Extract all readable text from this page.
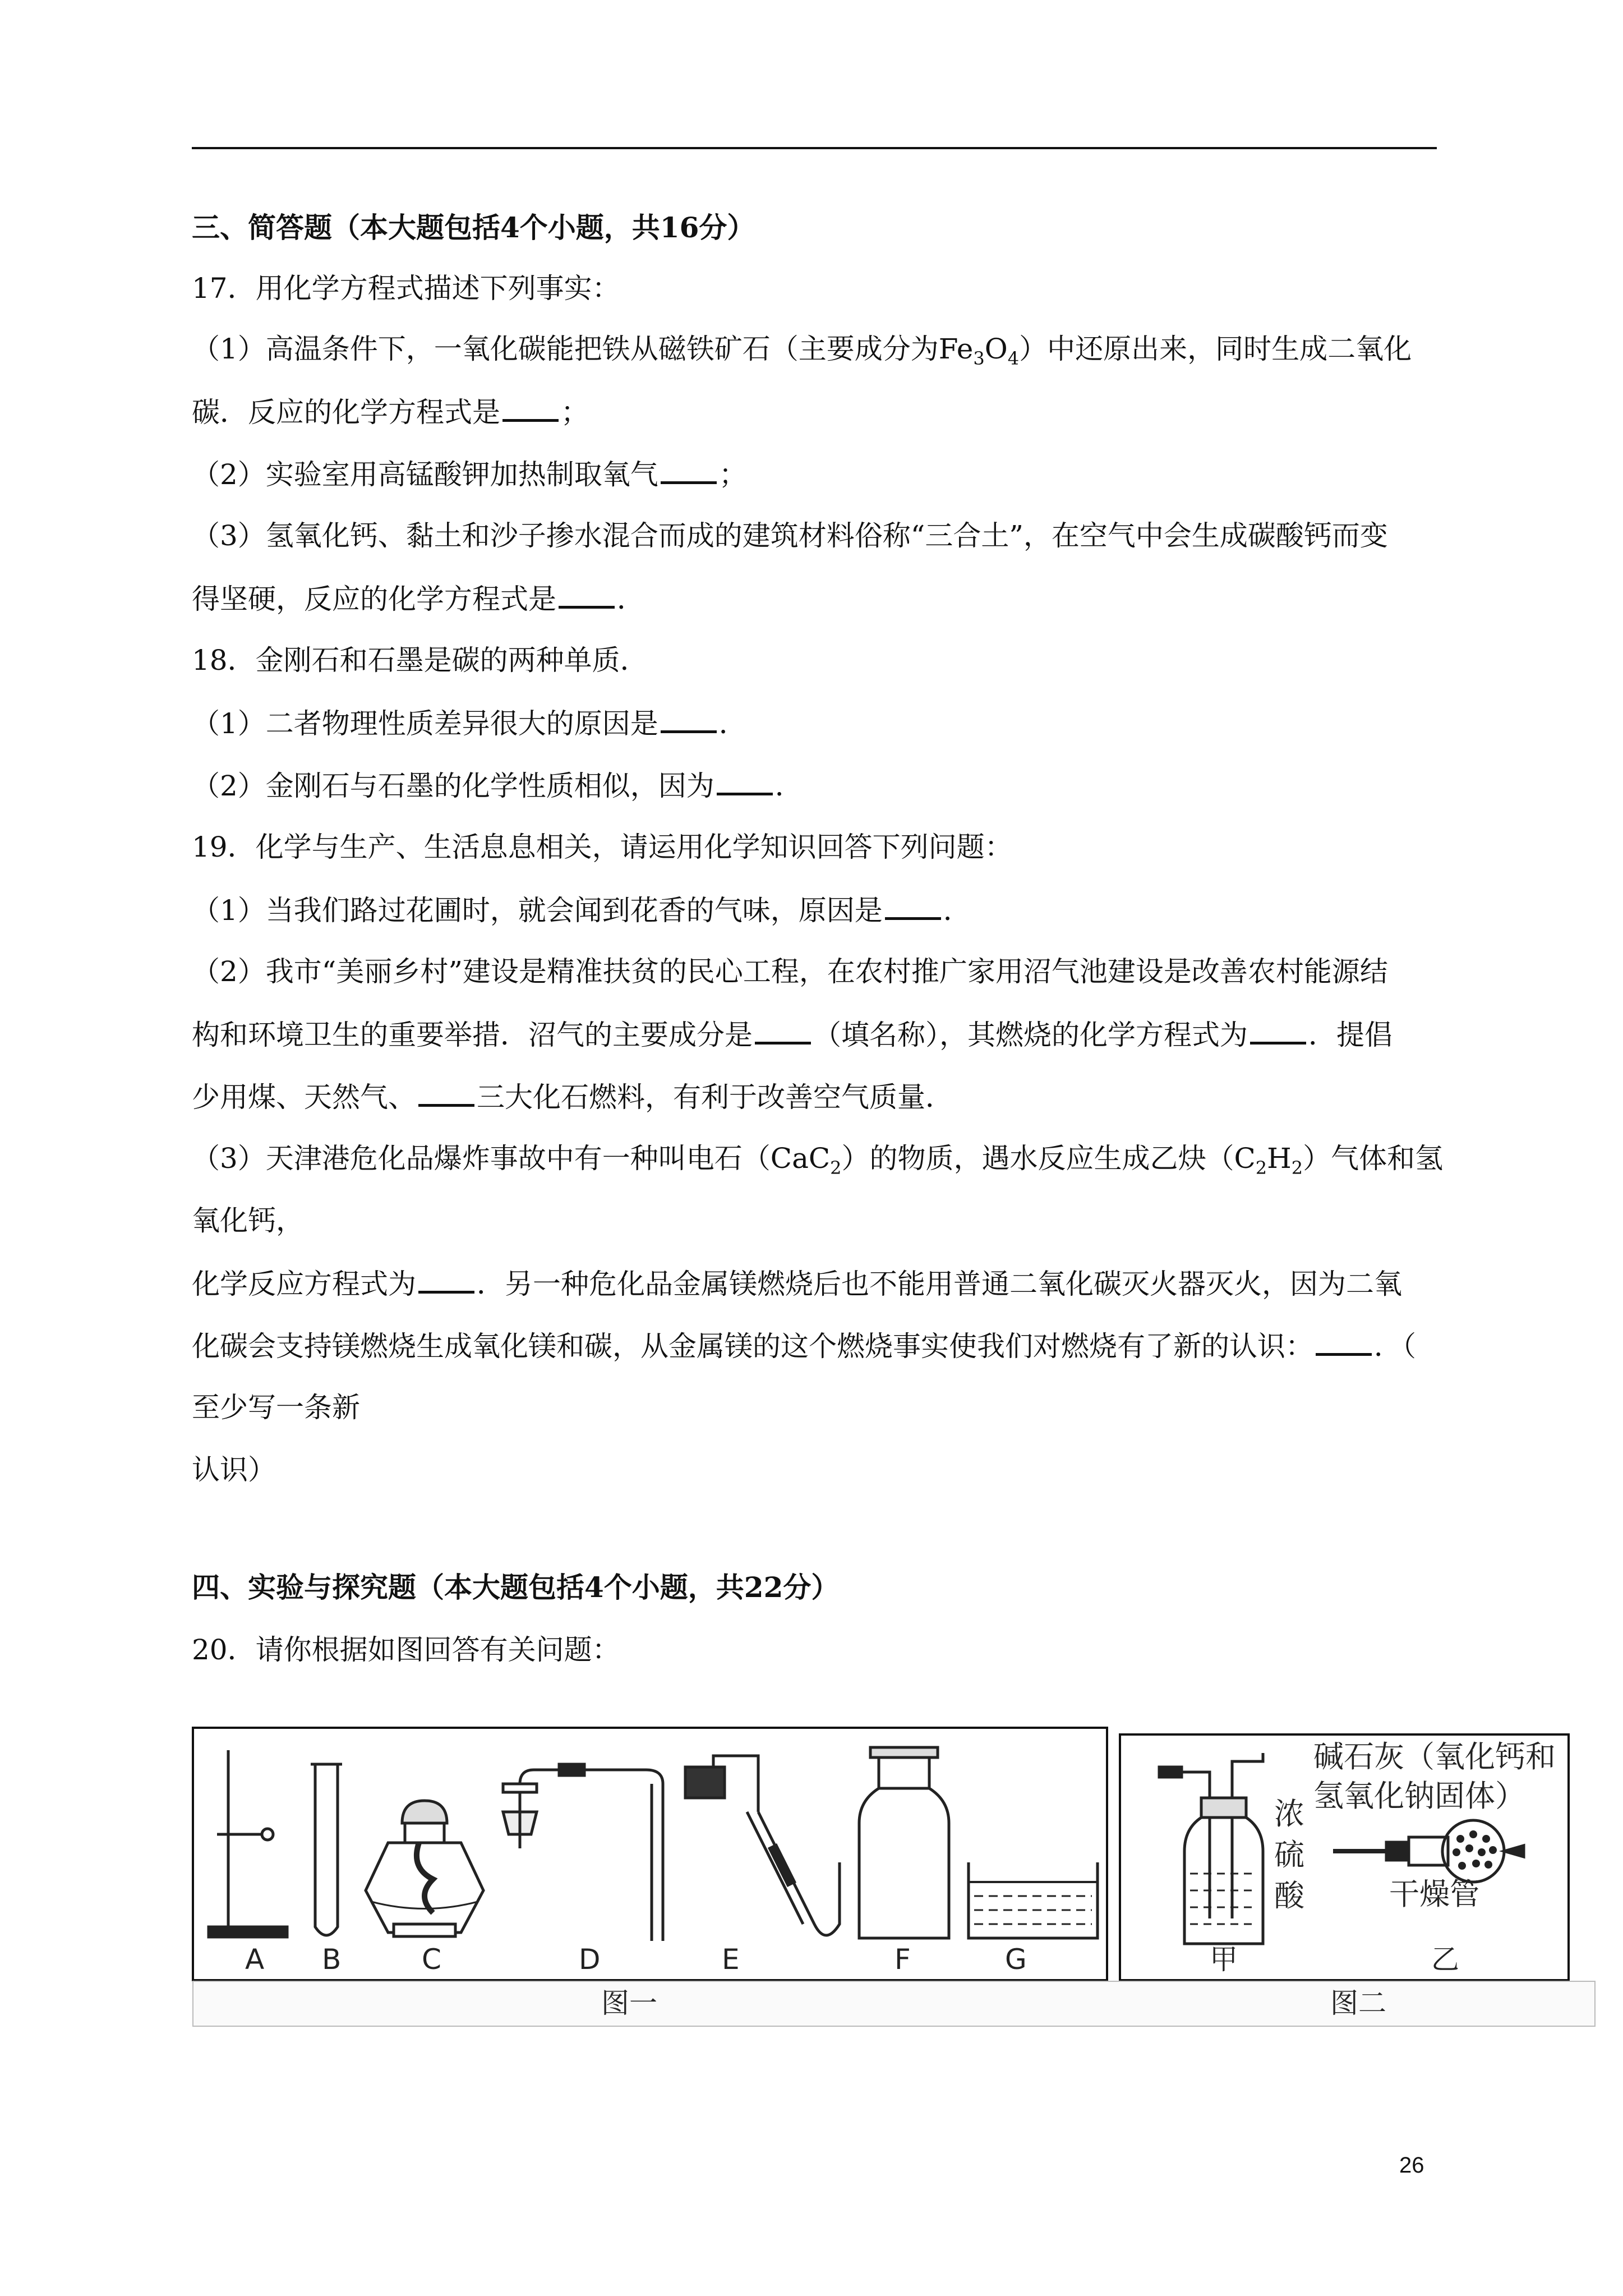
三、简答题（本大题包括4个小题，共16分）
17．用化学方程式描述下列事实：
（1）高温条件下，一氧化碳能把铁从磁铁矿石（主要成分为$Fe_3O_4$）中还原出来，同时生成二氧化
碳．反应的化学方程式是 ；
（2）实验室用高锰酸钾加热制取氧气 ；
（3）氢氧化钙、黏土和沙子掺水混合而成的建筑材料俗称“三合土”，在空气中会生成碳酸钙而变
得坚硬，反应的化学方程式是 ．
18．金刚石和石墨是碳的两种单质．
（1）二者物理性质差异很大的原因是 ．
（2）金刚石与石墨的化学性质相似，因为 ．
19．化学与生产、生活息息相关，请运用化学知识回答下列问题：
（1）当我们路过花圃时，就会闻到花香的气味，原因是 ．
（2）我市“美丽乡村”建设是精准扶贫的民心工程，在农村推广家用沼气池建设是改善农村能源结
构和环境卫生的重要举措．沼气的主要成分是 （填名称），其燃烧的化学方程式为 ．提倡
少用煤、天然气、 三大化石燃料，有利于改善空气质量．
（3）天津港危化品爆炸事故中有一种叫电石（CaC$_2$）的物质，遇水反应生成乙炔$(C_2H_2)$气体和氢
氧化钙，
化学反应方程式为 ．另一种危化品金属镁燃烧后也不能用普通二氧化碳灭火器灭火，因为二氧
化碳会支持镁燃烧生成氧化镁和碳，从金属镁的这个燃烧事实使我们对燃烧有了新的认识： ．（
至少写一条新
认识）
四、实验与探究题（本大题包括4个小题，共22分）
20．请你根据如图回答有关问题：
浓
硫
酸
碱石灰（氧化钙和
氢氧化钠固体）
干燥管
A B	C	D	E	F	G	甲	乙
图一	图二
26
